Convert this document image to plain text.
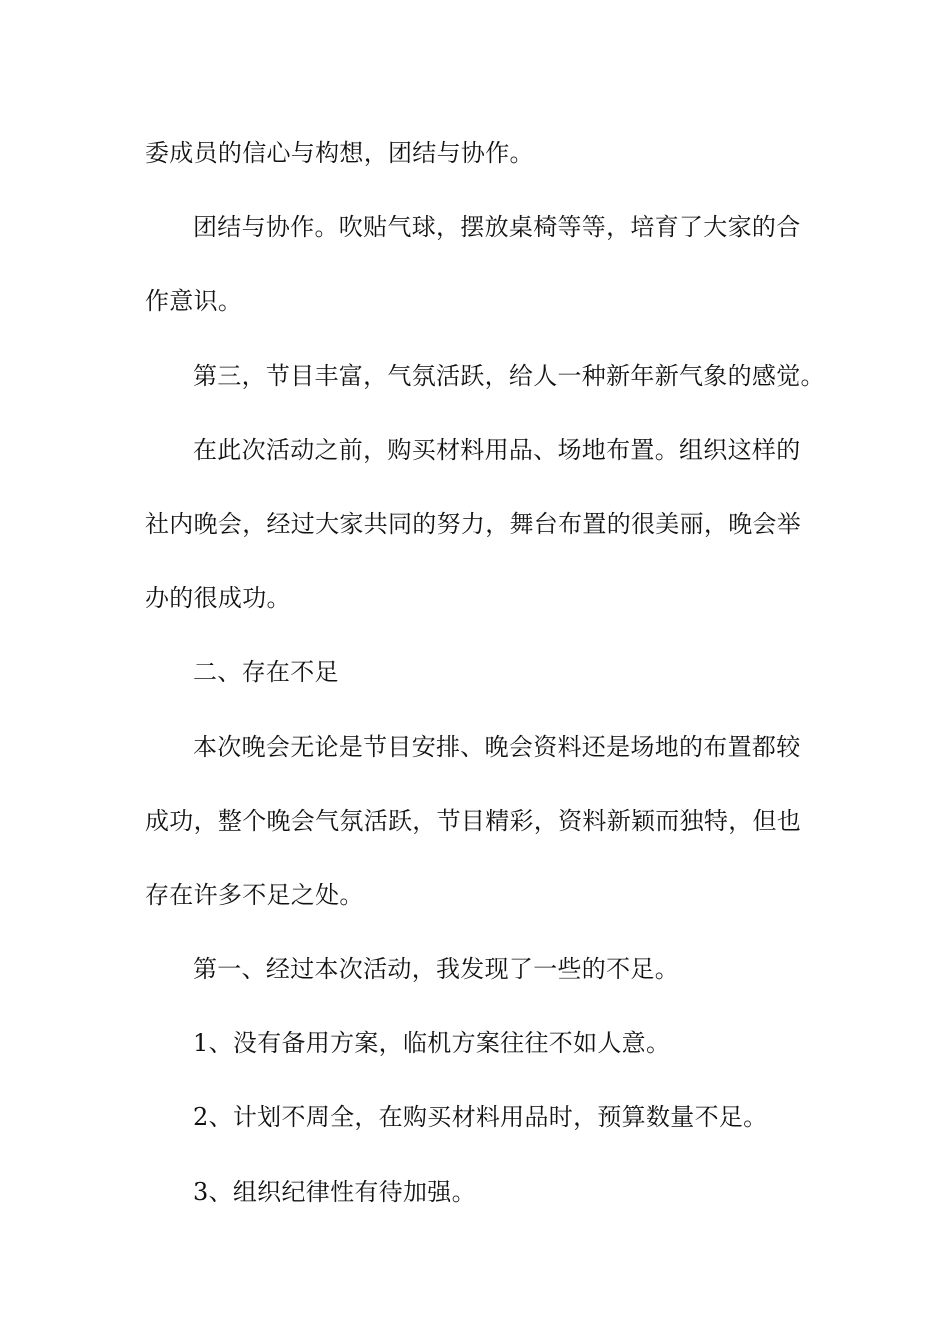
委成员的信心与构想，团结与协作。
团结与协作。吹贴气球，摆放桌椅等等，培育了大家的合
作意识。
第三，节目丰富，气氛活跃，给人一种新年新气象的感觉。
在此次活动之前，购买材料用品、场地布置。组织这样的
社内晚会，经过大家共同的努力，舞台布置的很美丽，晚会举
办的很成功。
二、存在不足
本次晚会无论是节目安排、晚会资料还是场地的布置都较
成功，整个晚会气氛活跃，节目精彩，资料新颖而独特，但也
存在许多不足之处。
第一、经过本次活动，我发现了一些的不足。
1、没有备用方案，临机方案往往不如人意。
2、计划不周全，在购买材料用品时，预算数量不足。
3、组织纪律性有待加强。
